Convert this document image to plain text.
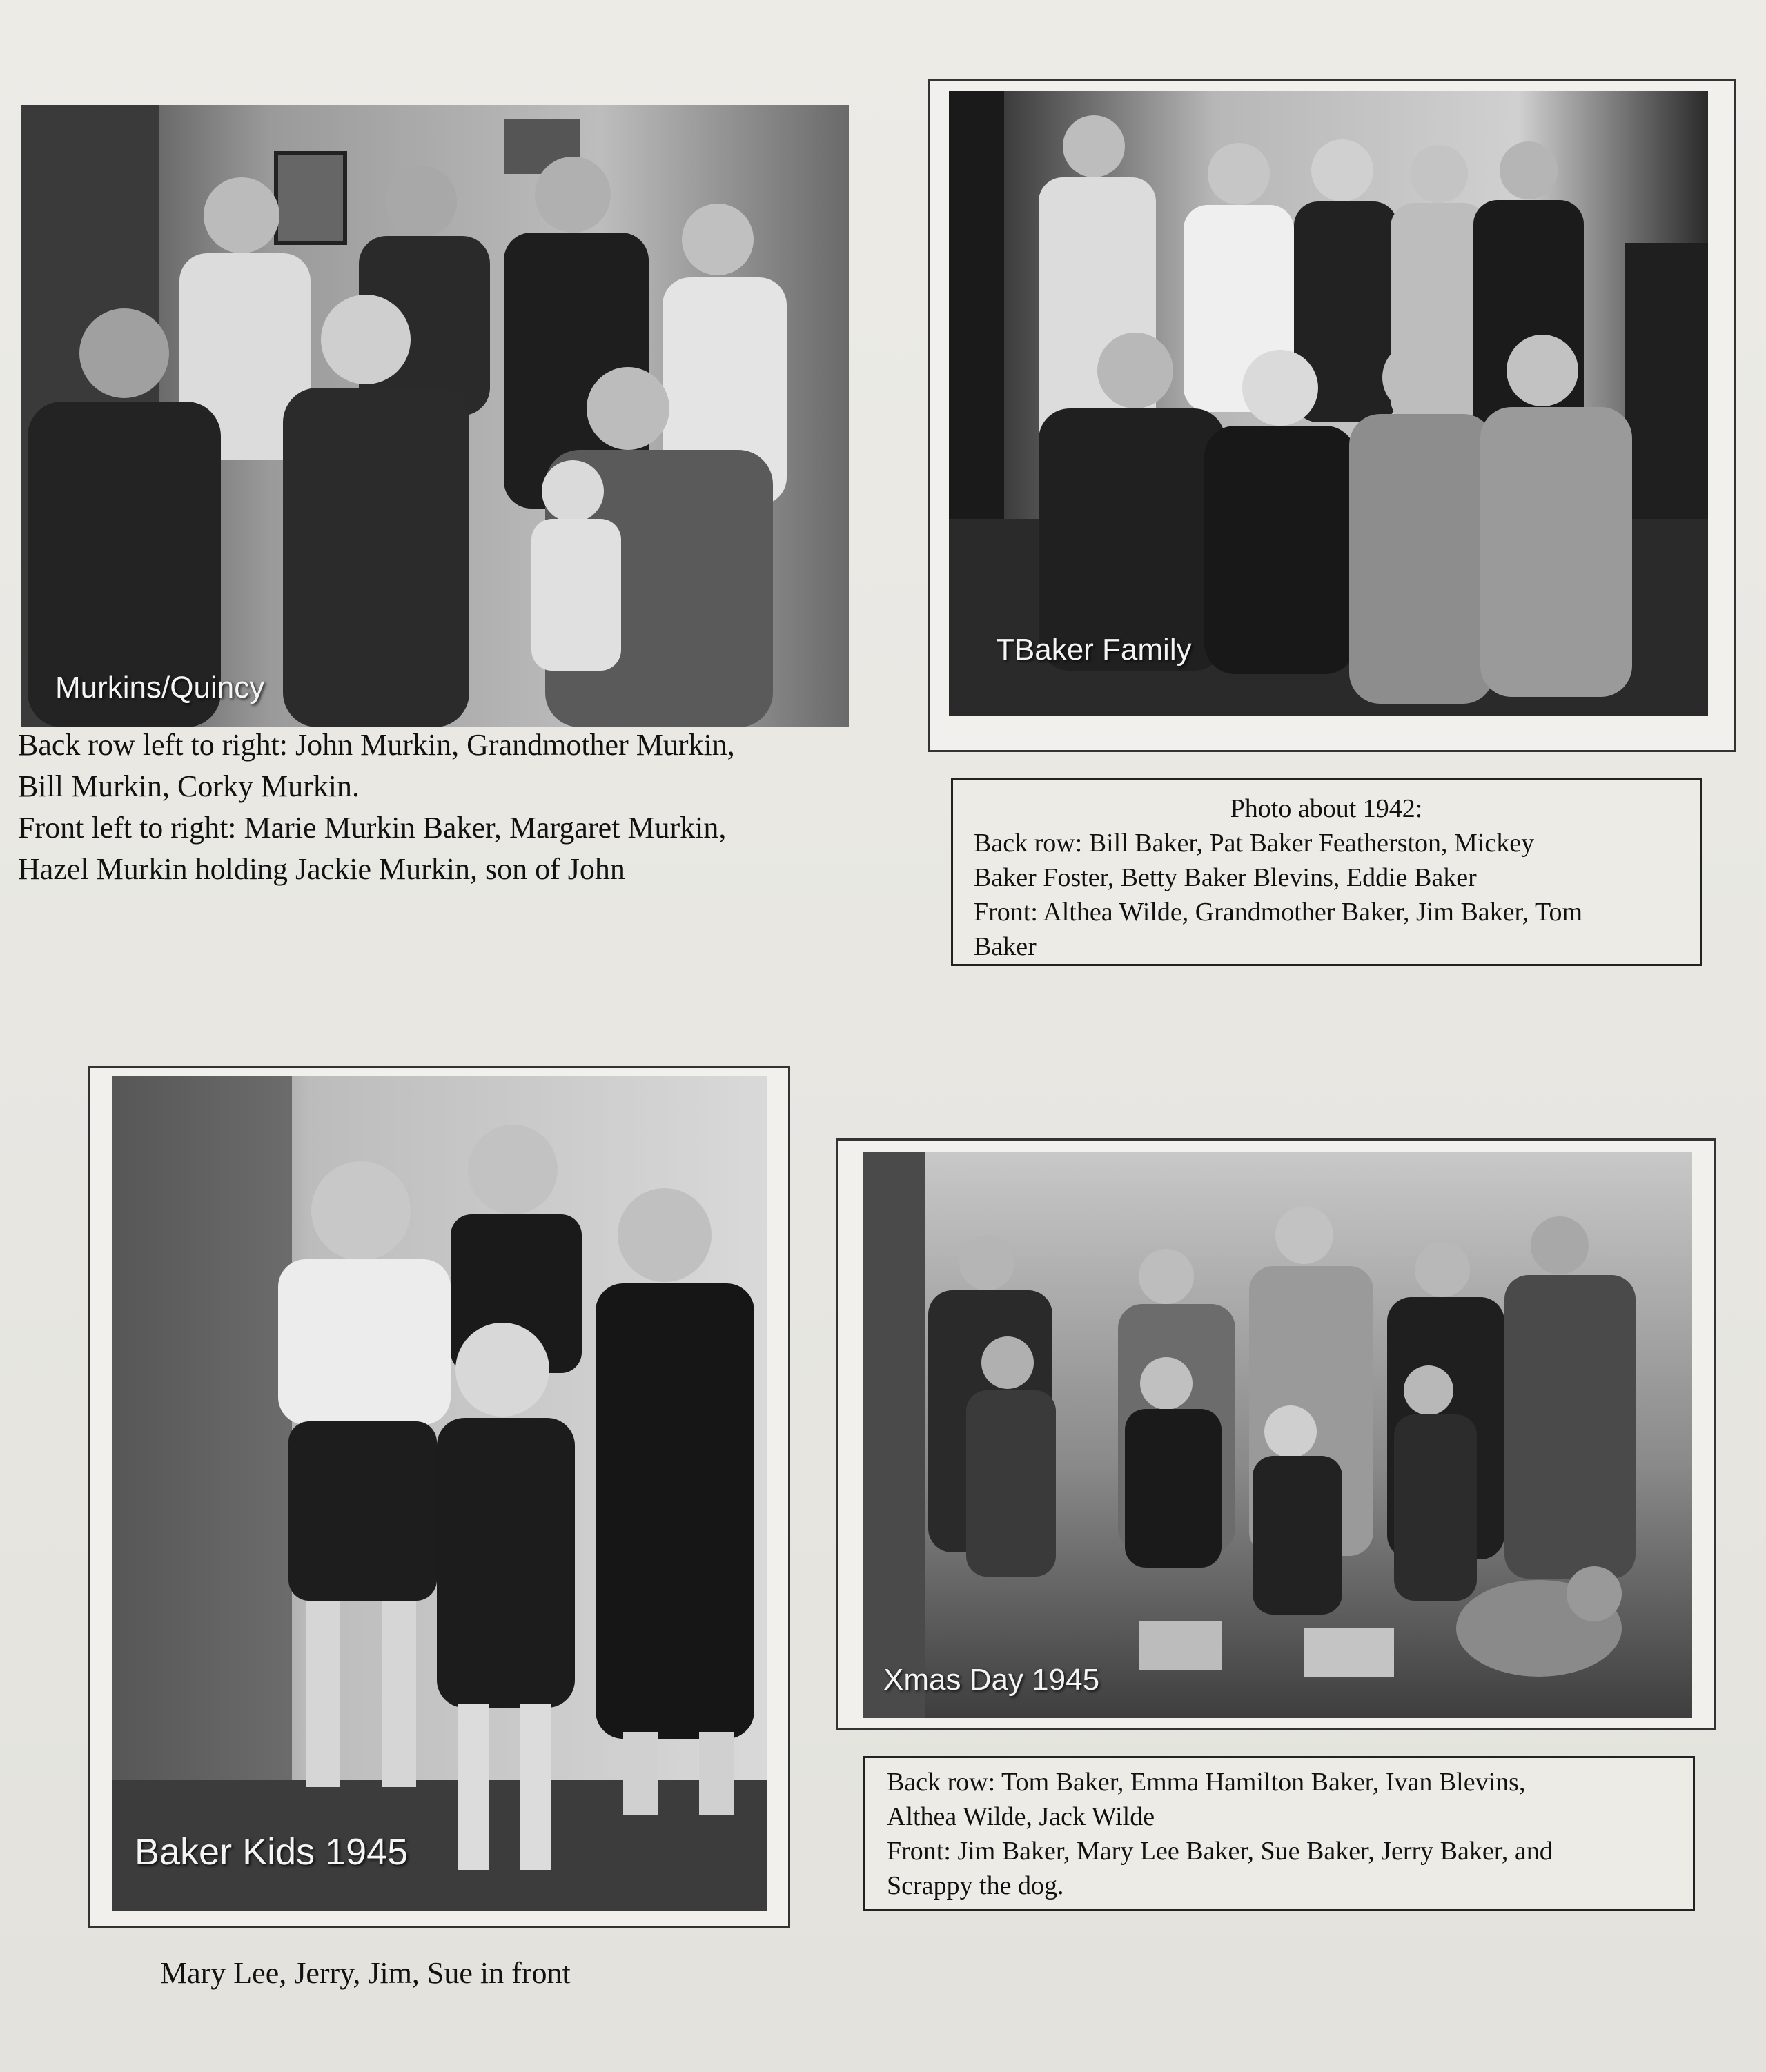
Murkins/Quincy
Back row left to right: John Murkin, Grandmother Murkin,
Bill Murkin, Corky Murkin.
Front left to right: Marie Murkin Baker, Margaret Murkin,
Hazel Murkin holding Jackie Murkin, son of John
TBaker Family
Photo about 1942:
Back row: Bill Baker, Pat Baker Featherston, Mickey
Baker Foster, Betty Baker Blevins, Eddie Baker
Front: Althea Wilde, Grandmother Baker, Jim Baker, Tom
Baker
Baker Kids 1945
Mary Lee, Jerry, Jim, Sue in front
Xmas Day 1945
Back row: Tom Baker, Emma Hamilton Baker, Ivan Blevins,
Althea Wilde, Jack Wilde
Front: Jim Baker, Mary Lee Baker, Sue Baker, Jerry Baker, and
Scrappy the dog.
